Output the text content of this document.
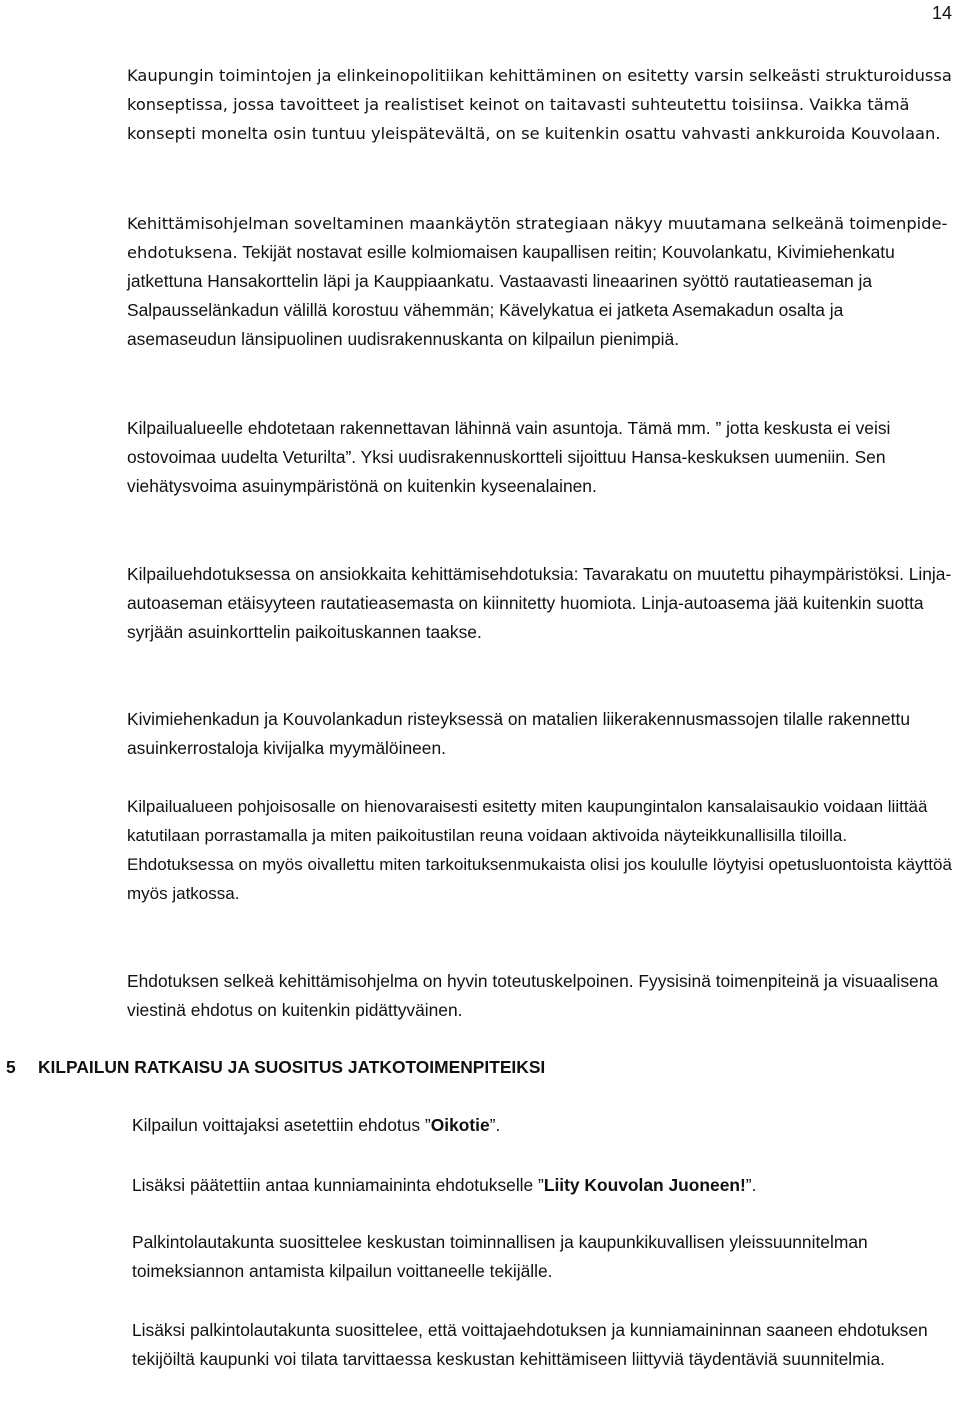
14

Kaupungin toimintojen ja elinkeinopolitiikan kehittäminen on esitetty varsin selkeästi strukturoidussa konseptissa, jossa tavoitteet ja realistiset keinot on taitavasti suhteutettu toisiinsa. Vaikka tämä konsepti monelta osin tuntuu yleispätevältä, on se kuitenkin osattu vahvasti ankkuroida Kouvolaan.

Kehittämisohjelman soveltaminen maankäytön strategiaan näkyy muutamana selkeänä toimenpide-ehdotuksena. Tekijät nostavat esille kolmiomaisen kaupallisen reitin; Kouvolankatu, Kivimiehenkatu jatkettuna Hansakorttelin läpi ja Kauppiaankatu. Vastaavasti lineaarinen syöttö rautatieaseman ja Salpausselänkadun välillä korostuu vähemmän; Kävelykatua ei jatketa Asemakadun osalta ja asemaseudun länsipuolinen uudisrakennuskanta on kilpailun pienimpiä.

Kilpailualueelle ehdotetaan rakennettavan lähinnä vain asuntoja. Tämä mm. ” jotta keskusta ei veisi ostovoimaa uudelta Veturilta”. Yksi uudisrakennuskortteli sijoittuu Hansa-keskuksen uumeniin. Sen viehätysvoima asuinympäristönä on kuitenkin kyseenalainen.

Kilpailuehdotuksessa on ansiokkaita kehittämisehdotuksia: Tavarakatu on muutettu pihaympäristöksi. Linja-autoaseman etäisyyteen rautatieasemasta on kiinnitetty huomiota. Linja-autoasema jää kuitenkin suotta syrjään asuinkorttelin paikoituskannen taakse.

Kivimiehenkadun ja Kouvolankadun risteyksessä on matalien liikerakennusmassojen tilalle rakennettu asuinkerrostaloja kivijalka myymälöineen.

Kilpailualueen pohjoisosalle on hienovaraisesti esitetty miten kaupungintalon kansalaisaukio voidaan liittää katutilaan porrastamalla ja miten paikoitustilan reuna voidaan aktivoida näyteikkunallisilla tiloilla. Ehdotuksessa on myös oivallettu miten tarkoituksenmukaista olisi jos koululle löytyisi opetusluontoista käyttöä myös jatkossa.

Ehdotuksen selkeä kehittämisohjelma on hyvin toteutuskelpoinen. Fyysisinä toimenpiteinä ja visuaalisena viestinä ehdotus on kuitenkin pidättyväinen.

5 KILPAILUN RATKAISU JA SUOSITUS JATKOTOIMENPITEIKSI

Kilpailun voittajaksi asetettiin ehdotus ”Oikotie”.

Lisäksi päätettiin antaa kunniamaininta ehdotukselle ”Liity Kouvolan Juoneen!”.

Palkintolautakunta suosittelee keskustan toiminnallisen ja kaupunkikuvallisen yleissuunnitelman toimeksiannon antamista kilpailun voittaneelle tekijälle.

Lisäksi palkintolautakunta suosittelee, että voittajaehdotuksen ja kunniamaininnan saaneen ehdotuksen tekijöiltä kaupunki voi tilata tarvittaessa keskustan kehittämiseen liittyviä täydentäviä suunnitelmia.
